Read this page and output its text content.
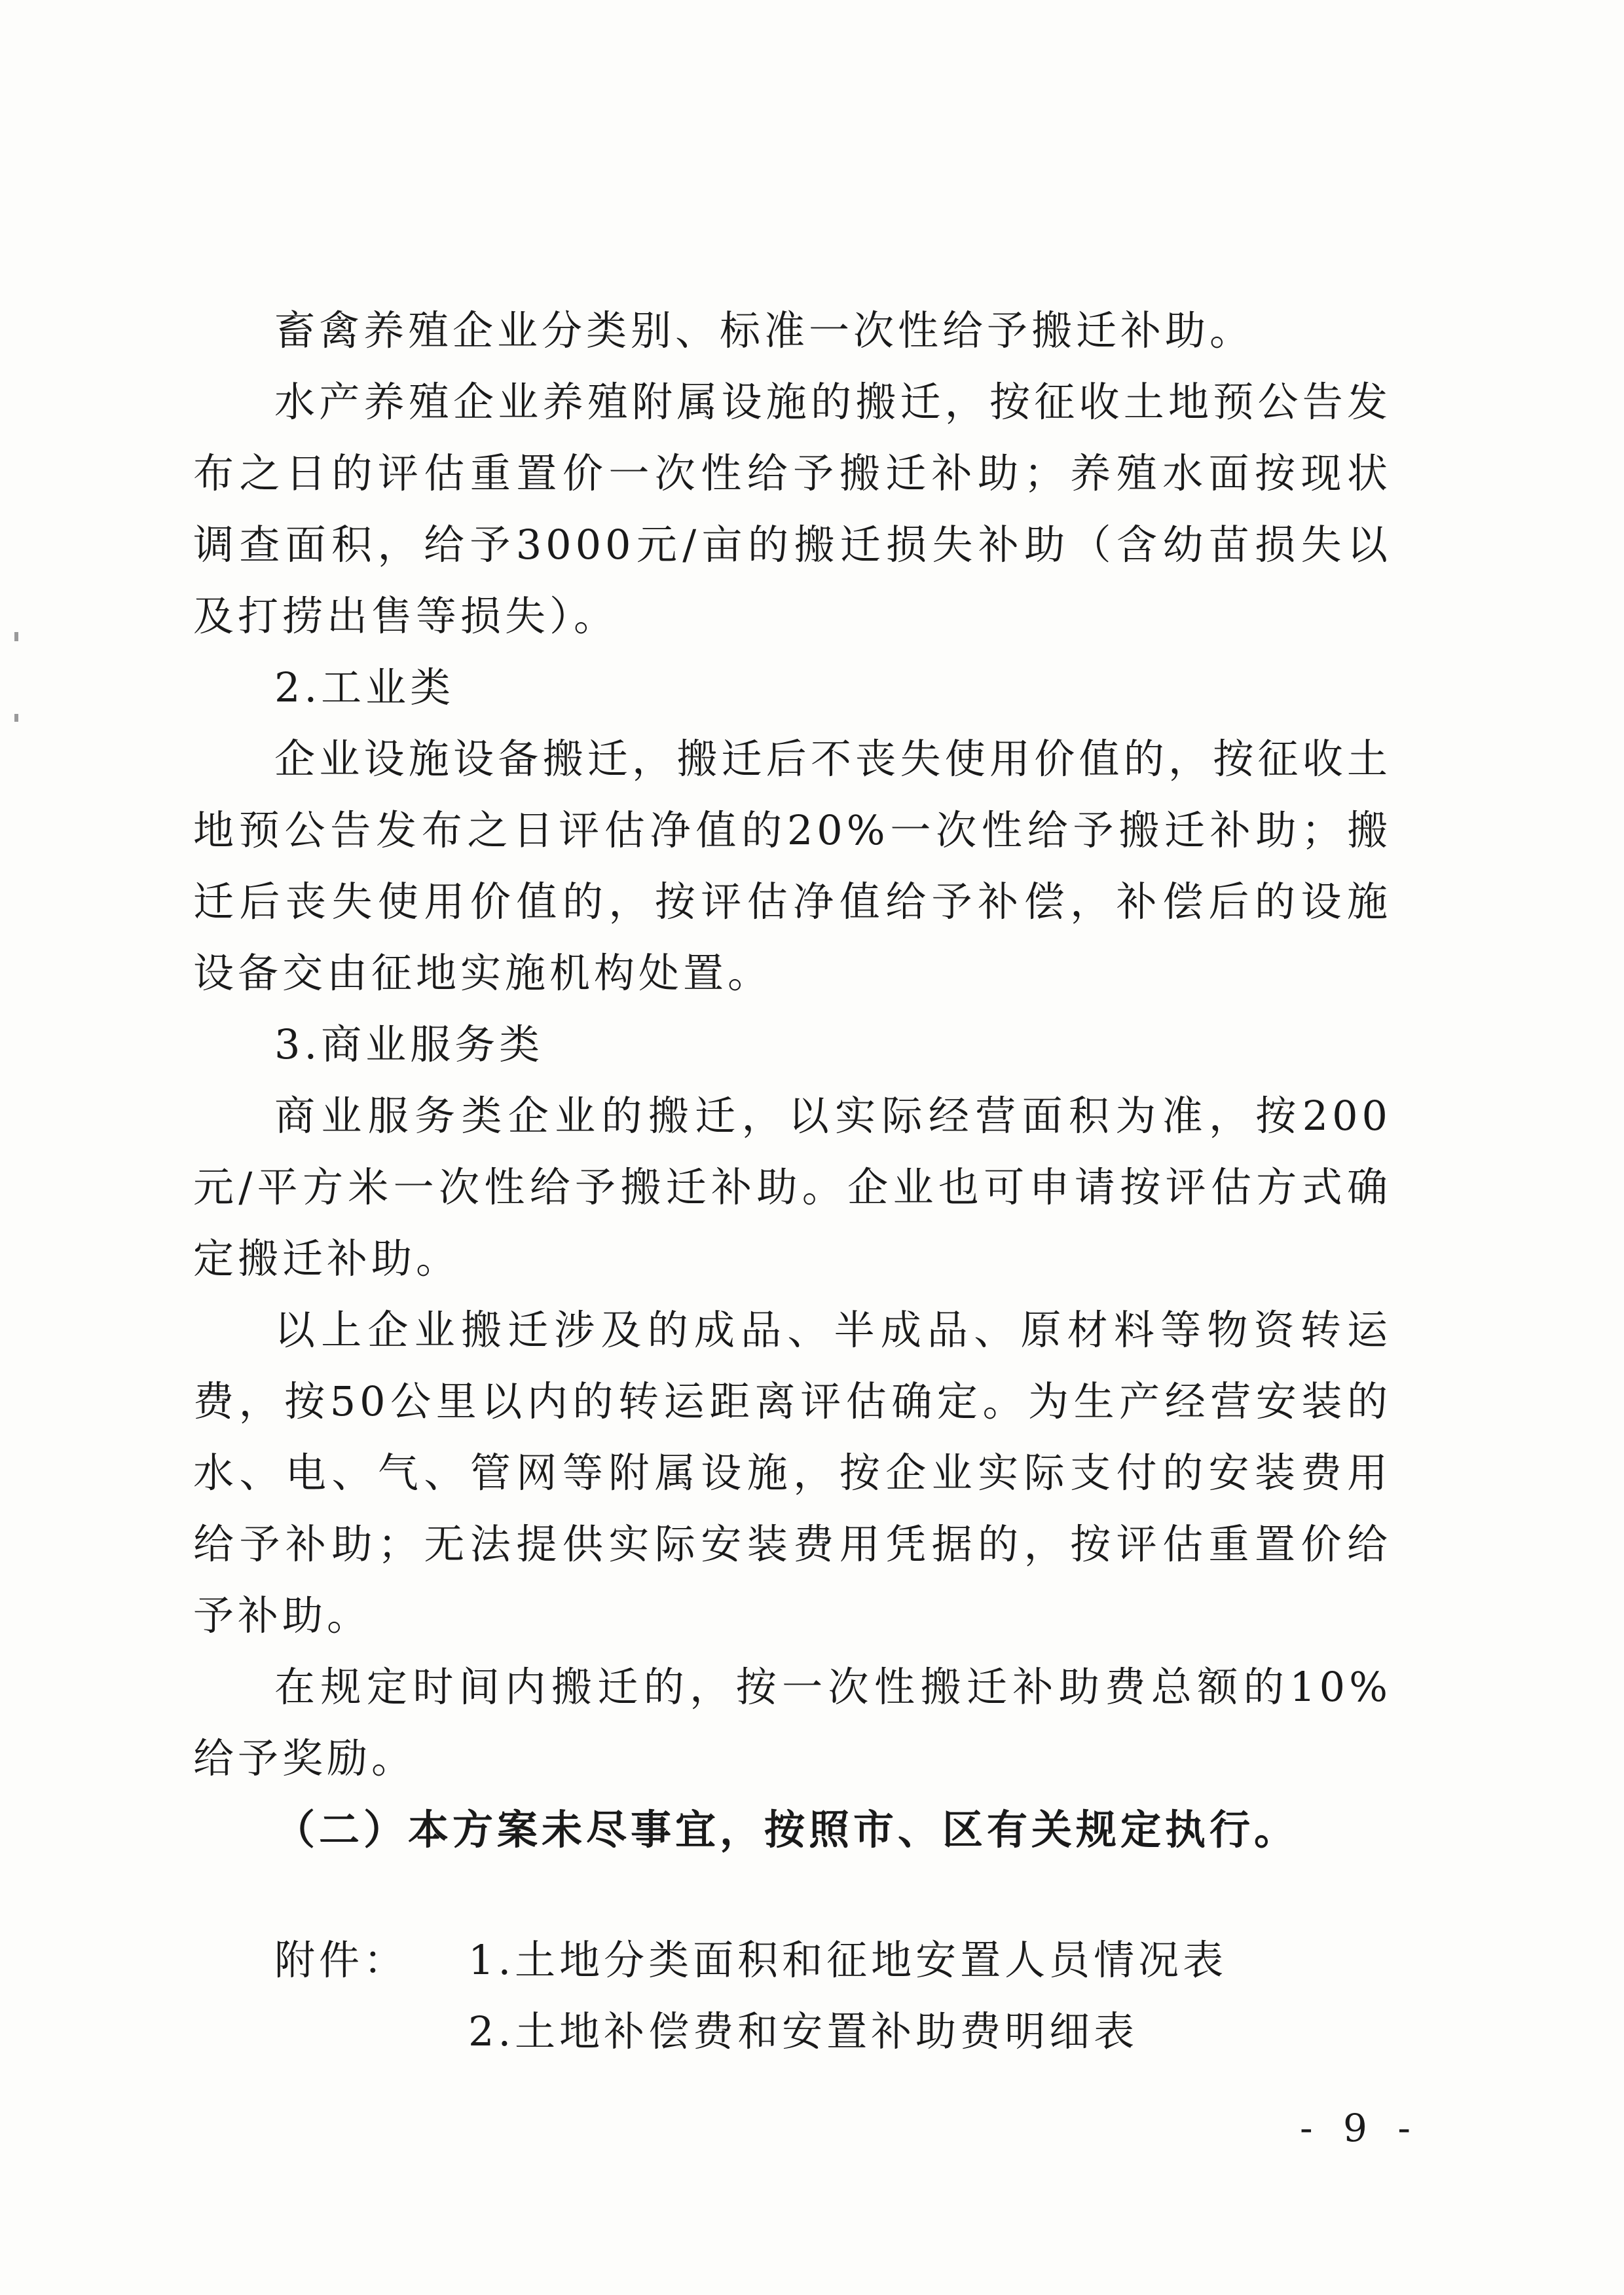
畜禽养殖企业分类别、标准一次性给予搬迁补助。

水产养殖企业养殖附属设施的搬迁，按征收土地预公告发布之日的评估重置价一次性给予搬迁补助；养殖水面按现状调查面积，给予3000元/亩的搬迁损失补助（含幼苗损失以及打捞出售等损失）。

2.工业类

企业设施设备搬迁，搬迁后不丧失使用价值的，按征收土地预公告发布之日评估净值的20%一次性给予搬迁补助；搬迁后丧失使用价值的，按评估净值给予补偿，补偿后的设施设备交由征地实施机构处置。

3.商业服务类

商业服务类企业的搬迁，以实际经营面积为准，按200元/平方米一次性给予搬迁补助。企业也可申请按评估方式确定搬迁补助。

以上企业搬迁涉及的成品、半成品、原材料等物资转运费，按50公里以内的转运距离评估确定。为生产经营安装的水、电、气、管网等附属设施，按企业实际支付的安装费用给予补助；无法提供实际安装费用凭据的，按评估重置价给予补助。

在规定时间内搬迁的，按一次性搬迁补助费总额的10%给予奖励。

（二）本方案未尽事宜，按照市、区有关规定执行。

附件：	1.土地分类面积和征地安置人员情况表
2.土地补偿费和安置补助费明细表
- 9 -
